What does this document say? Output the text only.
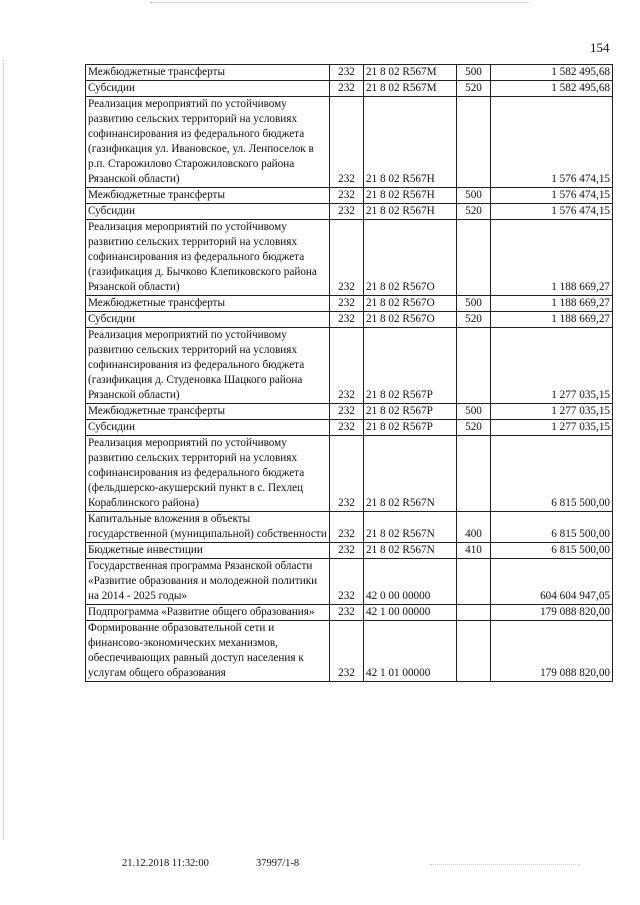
154
Межбюджетные трансферты	232	21 8 02 R567M	500	1 582 495,68
Субсидии	232	21 8 02 R567M	520	1 582 495,68
Реализация мероприятий по устойчивому развитию сельских территорий на условиях софинансирования из федерального бюджета (газификация ул. Ивановское, ул. Ленпоселок в р.п. Старожилово Старожиловского района Рязанской области)	232	21 8 02 R567H		1 576 474,15
Межбюджетные трансферты	232	21 8 02 R567H	500	1 576 474,15
Субсидии	232	21 8 02 R567H	520	1 576 474,15
Реализация мероприятий по устойчивому развитию сельских территорий на условиях софинансирования из федерального бюджета (газификация д. Бычково Клепиковского района Рязанской области)	232	21 8 02 R567O		1 188 669,27
Межбюджетные трансферты	232	21 8 02 R567O	500	1 188 669,27
Субсидии	232	21 8 02 R567O	520	1 188 669,27
Реализация мероприятий по устойчивому развитию сельских территорий на условиях софинансирования из федерального бюджета (газификация д. Студеновка Шацкого района Рязанской области)	232	21 8 02 R567P		1 277 035,15
Межбюджетные трансферты	232	21 8 02 R567P	500	1 277 035,15
Субсидии	232	21 8 02 R567P	520	1 277 035,15
Реализация мероприятий по устойчивому развитию сельских территорий на условиях софинансирования из федерального бюджета (фельдшерско-акушерский пункт в с. Пехлец Кораблинского района)	232	21 8 02 R567N		6 815 500,00
Капитальные вложения в объекты государственной (муниципальной) собственности	232	21 8 02 R567N	400	6 815 500,00
Бюджетные инвестиции	232	21 8 02 R567N	410	6 815 500,00
Государственная программа Рязанской области «Развитие образования и молодежной политики на 2014 - 2025 годы»	232	42 0 00 00000		604 604 947,05
Подпрограмма «Развитие общего образования»	232	42 1 00 00000		179 088 820,00
Формирование образовательной сети и финансово-экономических механизмов, обеспечивающих равный доступ населения к услугам общего образования	232	42 1 01 00000		179 088 820,00
21.12.2018 11:32:00	37997/1-8
